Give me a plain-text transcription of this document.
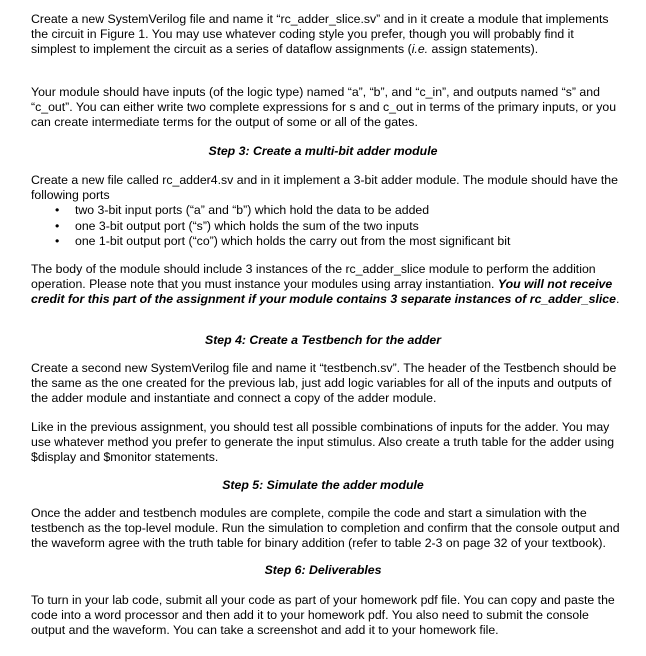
Create a new SystemVerilog file and name it “rc_adder_slice.sv” and in it create a module that implements the circuit in Figure 1. You may use whatever coding style you prefer, though you will probably find it simplest to implement the circuit as a series of dataflow assignments (i.e. assign statements).

Your module should have inputs (of the logic type) named “a”, “b”, and “c_in”, and outputs named “s” and “c_out”. You can either write two complete expressions for s and c_out in terms of the primary inputs, or you can create intermediate terms for the output of some or all of the gates.

Step 3: Create a multi-bit adder module

Create a new file called rc_adder4.sv and in it implement a 3-bit adder module. The module should have the following ports

• two 3-bit input ports (“a” and “b”) which hold the data to be added
• one 3-bit output port (“s”) which holds the sum of the two inputs
• one 1-bit output port (“co”) which holds the carry out from the most significant bit

The body of the module should include 3 instances of the rc_adder_slice module to perform the addition operation. Please note that you must instance your modules using array instantiation. You will not receive credit for this part of the assignment if your module contains 3 separate instances of rc_adder_slice.

Step 4: Create a Testbench for the adder

Create a second new SystemVerilog file and name it “testbench.sv”. The header of the Testbench should be the same as the one created for the previous lab, just add logic variables for all of the inputs and outputs of the adder module and instantiate and connect a copy of the adder module.

Like in the previous assignment, you should test all possible combinations of inputs for the adder. You may use whatever method you prefer to generate the input stimulus. Also create a truth table for the adder using $display and $monitor statements.

Step 5: Simulate the adder module

Once the adder and testbench modules are complete, compile the code and start a simulation with the testbench as the top-level module. Run the simulation to completion and confirm that the console output and the waveform agree with the truth table for binary addition (refer to table 2-3 on page 32 of your textbook).

Step 6: Deliverables

To turn in your lab code, submit all your code as part of your homework pdf file. You can copy and paste the code into a word processor and then add it to your homework pdf. You also need to submit the console output and the waveform. You can take a screenshot and add it to your homework file.
